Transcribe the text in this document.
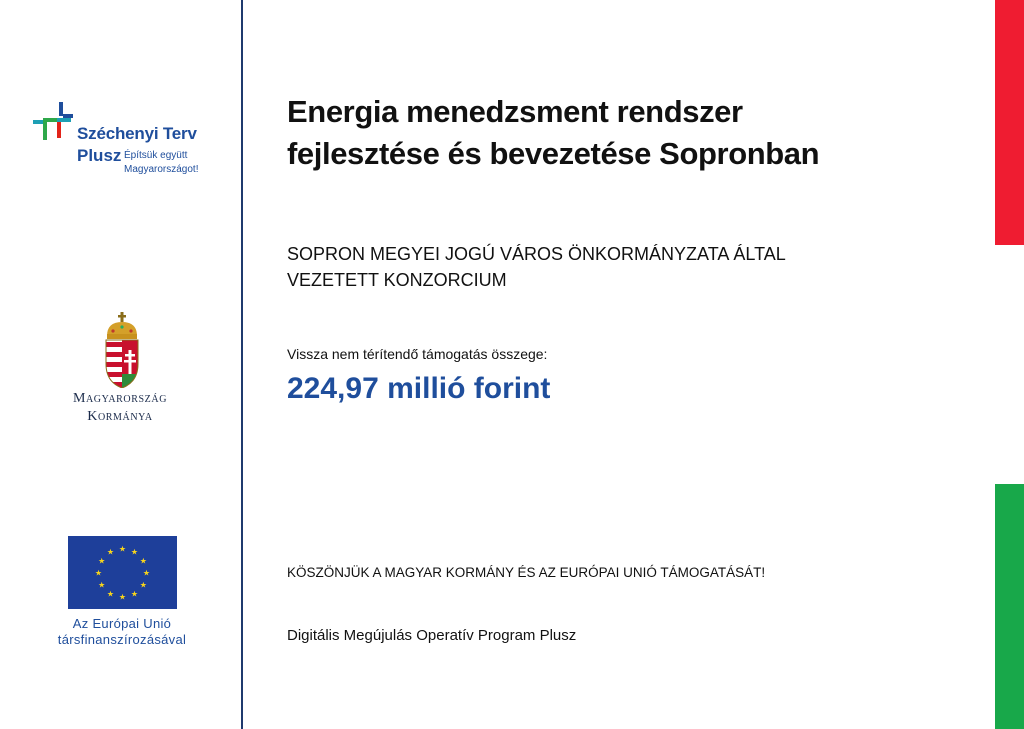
Széchenyi Terv
Plusz Építsük együtt
Magyarországot!
Magyarország
Kormánya
★ ★
★
★
★
★
★
★
★
★
★
★
Az Európai Unió
társfinanszírozásával
Energia menedzsment rendszer
fejlesztése és bevezetése Sopronban
SOPRON MEGYEI JOGÚ VÁROS ÖNKORMÁNYZATA ÁLTAL
VEZETETT KONZORCIUM
Vissza nem térítendő támogatás összege:
224,97 millió forint
KÖSZÖNJÜK A MAGYAR KORMÁNY ÉS AZ EURÓPAI UNIÓ TÁMOGATÁSÁT!
Digitális Megújulás Operatív Program Plusz
